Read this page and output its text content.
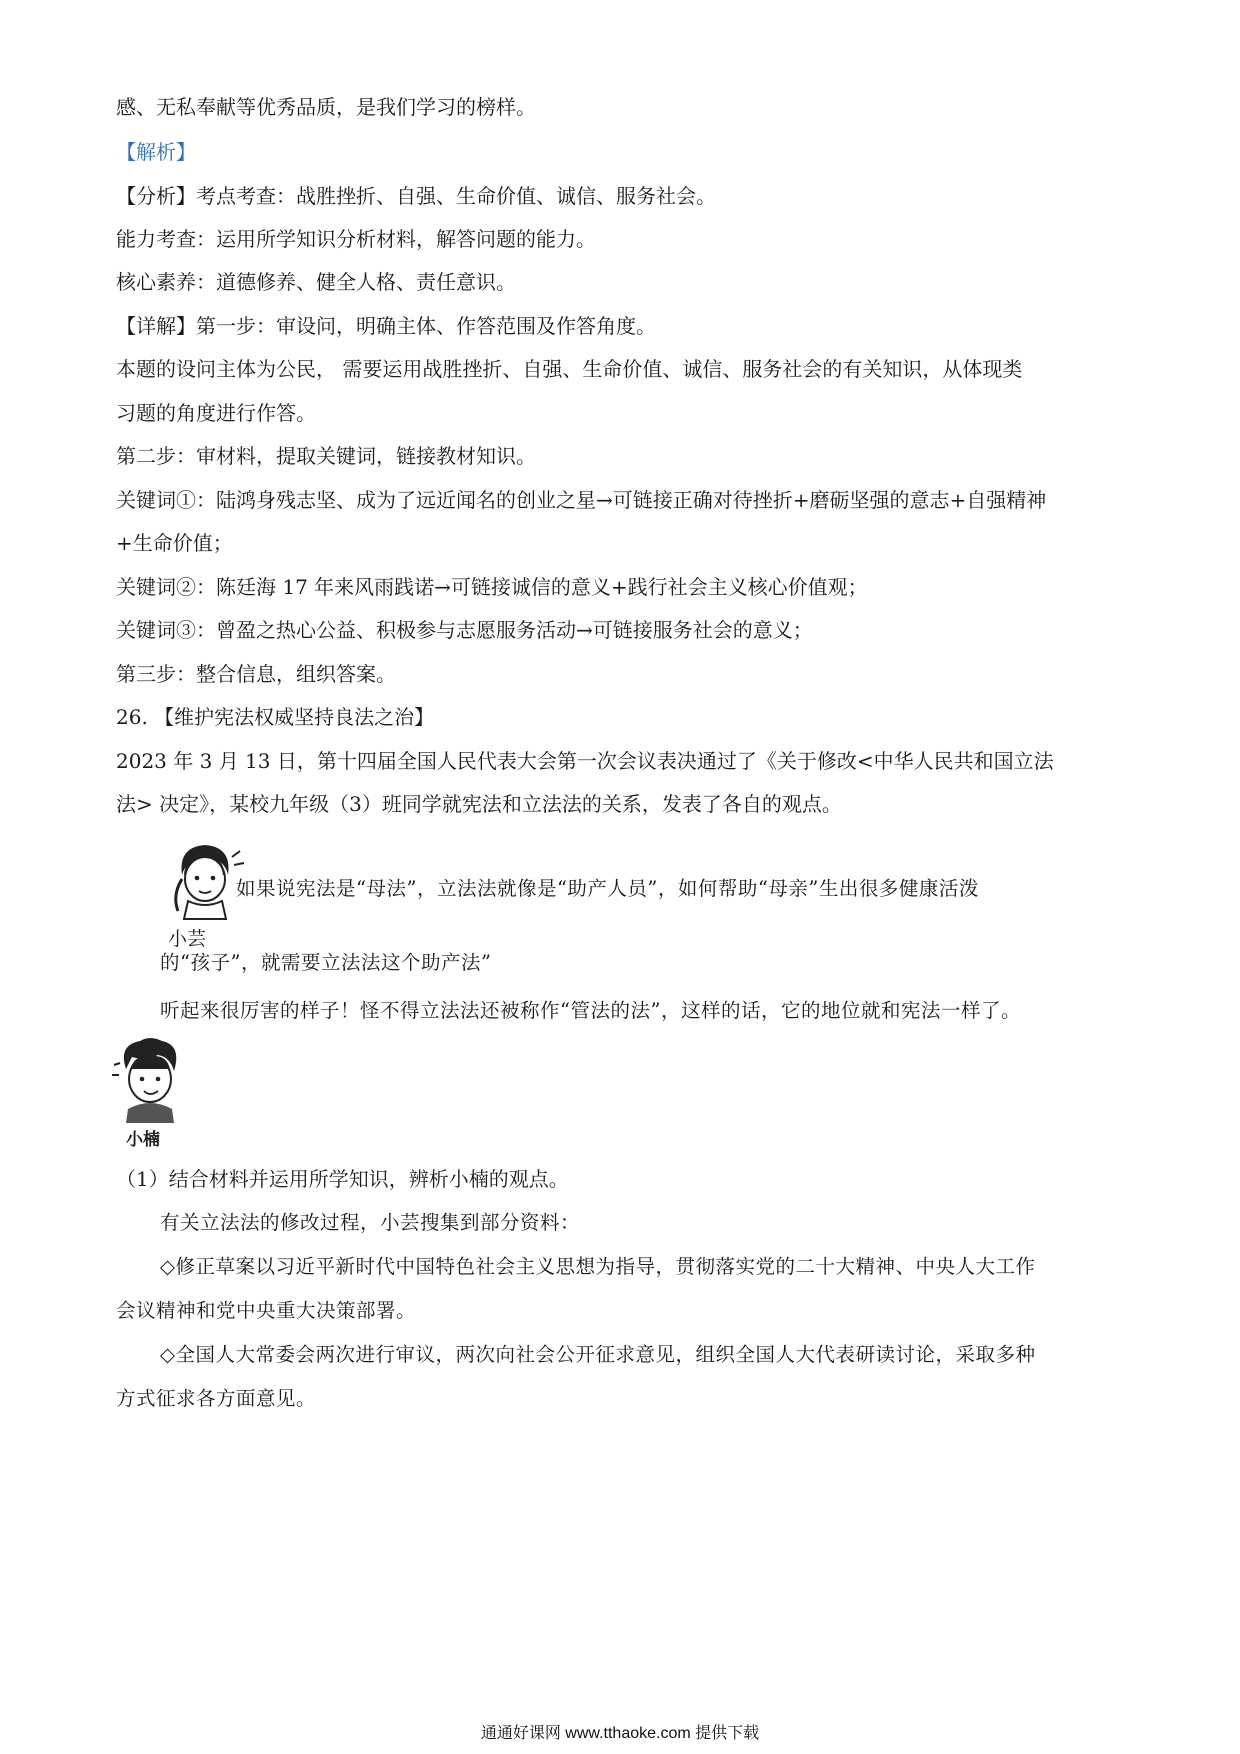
感、无私奉献等优秀品质，是我们学习的榜样。
【解析】
【分析】考点考查：战胜挫折、自强、生命价值、诚信、服务社会。
能力考查：运用所学知识分析材料，解答问题的能力。
核心素养：道德修养、健全人格、责任意识。
【详解】第一步：审设问，明确主体、作答范围及作答角度。
本题的设问主体为公民， 需要运用战胜挫折、自强、生命价值、诚信、服务社会的有关知识，从体现类
习题的角度进行作答。
第二步：审材料，提取关键词，链接教材知识。
关键词①：陆鸿身残志坚、成为了远近闻名的创业之星→可链接正确对待挫折+磨砺坚强的意志+自强精神
+生命价值；
关键词②：陈廷海 17 年来风雨践诺→可链接诚信的意义+践行社会主义核心价值观；
关键词③：曾盈之热心公益、积极参与志愿服务活动→可链接服务社会的意义；
第三步：整合信息，组织答案。
26. 【维护宪法权威坚持良法之治】
2023 年 3 月 13 日，第十四届全国人民代表大会第一次会议表决通过了《关于修改<中华人民共和国立法
法> 决定》，某校九年级（3）班同学就宪法和立法法的关系，发表了各自的观点。
小芸
如果说宪法是“母法”，立法法就像是“助产人员”，如何帮助“母亲”生出很多健康活泼
的“孩子”，就需要立法法这个助产法”
听起来很厉害的样子！怪不得立法法还被称作“管法的法”，这样的话，它的地位就和宪法一样了。
小楠
（1）结合材料并运用所学知识，辨析小楠的观点。
有关立法法的修改过程，小芸搜集到部分资料：
◇修正草案以习近平新时代中国特色社会主义思想为指导，贯彻落实党的二十大精神、中央人大工作
会议精神和党中央重大决策部署。
◇全国人大常委会两次进行审议，两次向社会公开征求意见，组织全国人大代表研读讨论，采取多种
方式征求各方面意见。
通通好课网 www.tthaoke.com 提供下载
